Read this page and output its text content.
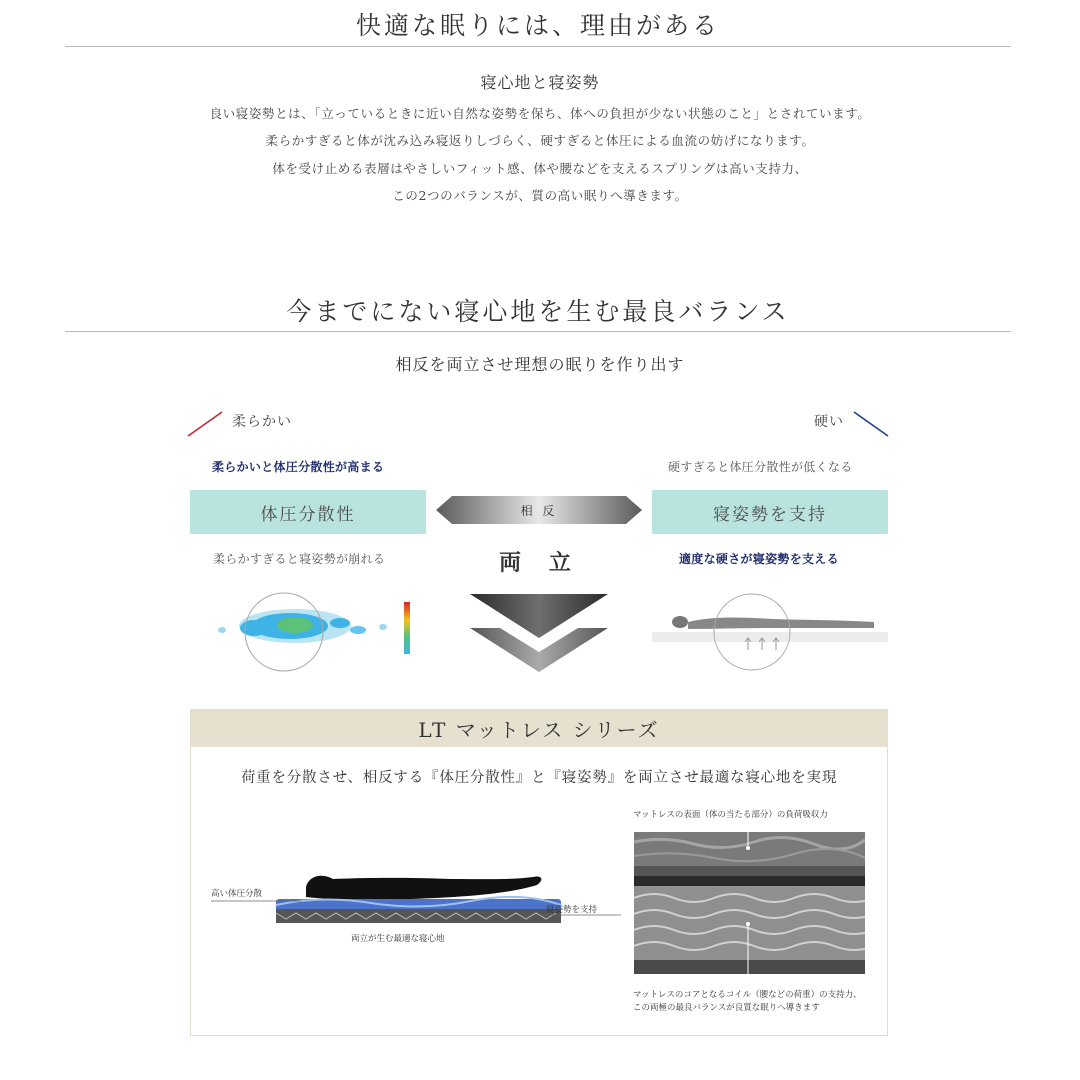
快適な眠りには、理由がある
寝心地と寝姿勢
良い寝姿勢とは、「立っているときに近い自然な姿勢を保ち、体への負担が少ない状態のこと」とされています。
柔らかすぎると体が沈み込み寝返りしづらく、硬すぎると体圧による血流の妨げになります。
体を受け止める表層はやさしいフィット感、体や腰などを支えるスプリングは高い支持力、
この2つのバランスが、質の高い眠りへ導きます。
今までにない寝心地を生む最良バランス
相反を両立させ理想の眠りを作り出す
柔らかい	硬い
柔らかいと体圧分散性が高まる
体圧分散性
柔らかすぎると寝姿勢が崩れる
相 反
両 立
硬すぎると体圧分散性が低くなる
寝姿勢を支持
適度な硬さが寝姿勢を支える
LT マットレス シリーズ
荷重を分散させ、相反する『体圧分散性』と『寝姿勢』を両立させ最適な寝心地を実現
高い体圧分散
寝姿勢を支持
両立が生む最適な寝心地
マットレスの表面（体の当たる部分）の負荷吸収力
マットレスのコアとなるコイル（腰などの荷重）の支持力、
この両極の最良バランスが良質な眠りへ導きます
